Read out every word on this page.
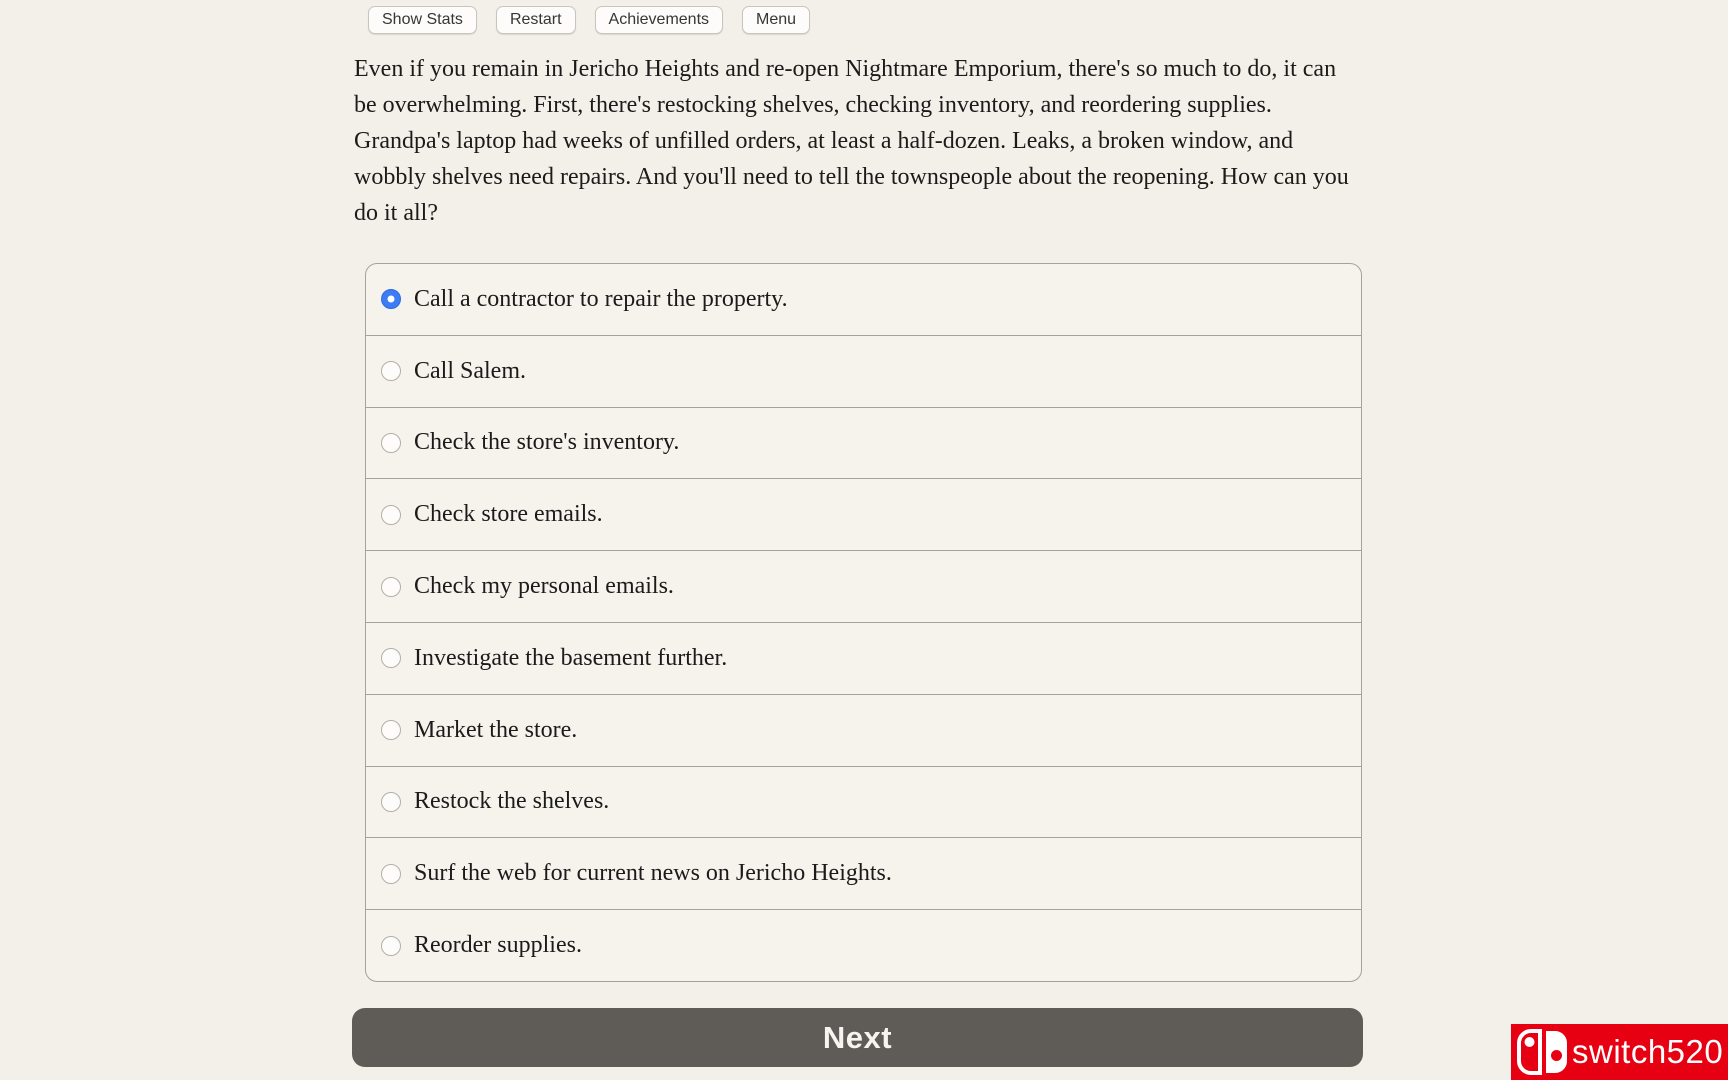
Show Stats	Restart	Achievements	Menu

Even if you remain in Jericho Heights and re-open Nightmare Emporium, there's so much to do, it can be overwhelming. First, there's restocking shelves, checking inventory, and reordering supplies. Grandpa's laptop had weeks of unfilled orders, at least a half-dozen. Leaks, a broken window, and wobbly shelves need repairs. And you'll need to tell the townspeople about the reopening. How can you do it all?

Call a contractor to repair the property.
Call Salem.
Check the store's inventory.
Check store emails.
Check my personal emails.
Investigate the basement further.
Market the store.
Restock the shelves.
Surf the web for current news on Jericho Heights.
Reorder supplies.
Next	switch520
